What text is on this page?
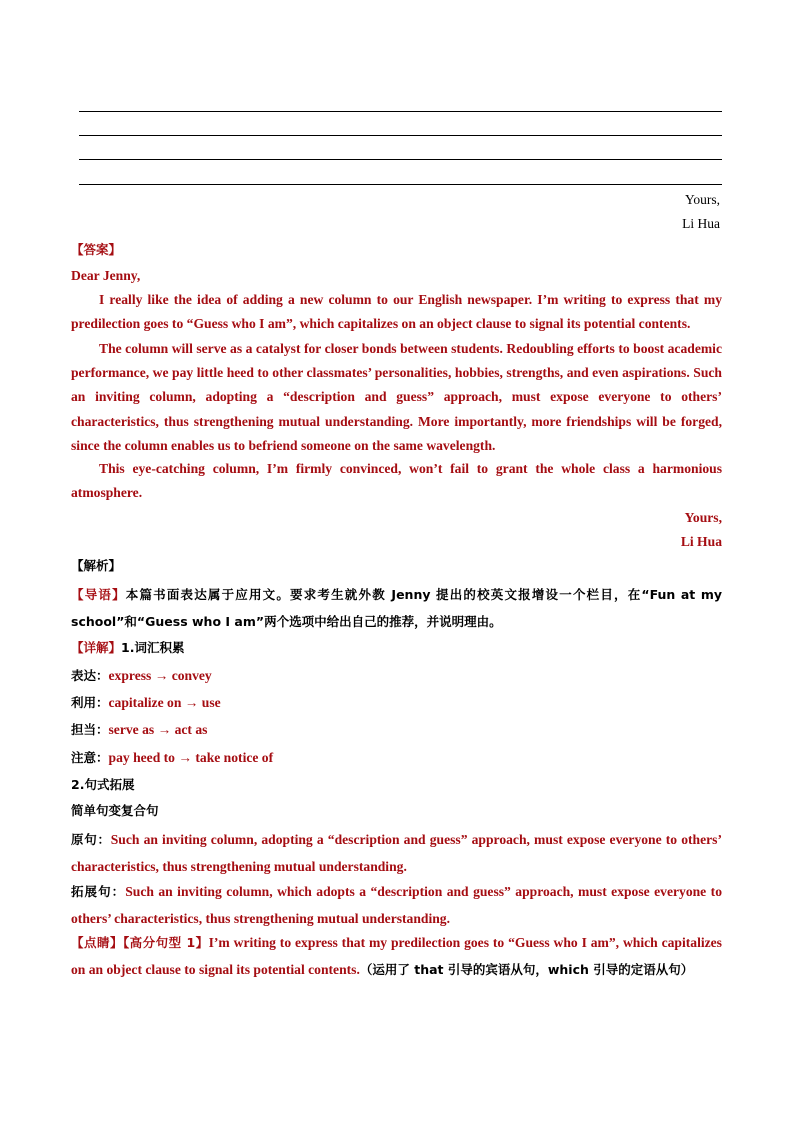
Yours,
Li Hua
【答案】
Dear Jenny,

I really like the idea of adding a new column to our English newspaper. I’m writing to express that my predilection goes to “Guess who I am”, which capitalizes on an object clause to signal its potential contents.

The column will serve as a catalyst for closer bonds between students. Redoubling efforts to boost academic performance, we pay little heed to other classmates’ personalities, hobbies, strengths, and even aspirations. Such an inviting column, adopting a “description and guess” approach, must expose everyone to others’ characteristics, thus strengthening mutual understanding. More importantly, more friendships will be forged, since the column enables us to befriend someone on the same wavelength.

This eye-catching column, I’m firmly convinced, won’t fail to grant the whole class a harmonious atmosphere.

Yours,
Li Hua
【解析】

【导语】本篇书面表达属于应用文。要求考生就外教 Jenny 提出的校英文报增设一个栏目，在“Fun at my school”和“Guess who I am”两个选项中给出自己的推荐，并说明理由。

【详解】1.词汇积累
表达：express → convey
利用：capitalize on → use
担当：serve as → act as
注意：pay heed to → take notice of
2.句式拓展
简单句变复合句

原句：Such an inviting column, adopting a “description and guess” approach, must expose everyone to others’ characteristics, thus strengthening mutual understanding.

拓展句：Such an inviting column, which adopts a “description and guess” approach, must expose everyone to others’ characteristics, thus strengthening mutual understanding.

【点睛】【高分句型 1】I’m writing to express that my predilection goes to “Guess who I am”, which capitalizes on an object clause to signal its potential contents.（运用了 that 引导的宾语从句，which 引导的定语从句）
